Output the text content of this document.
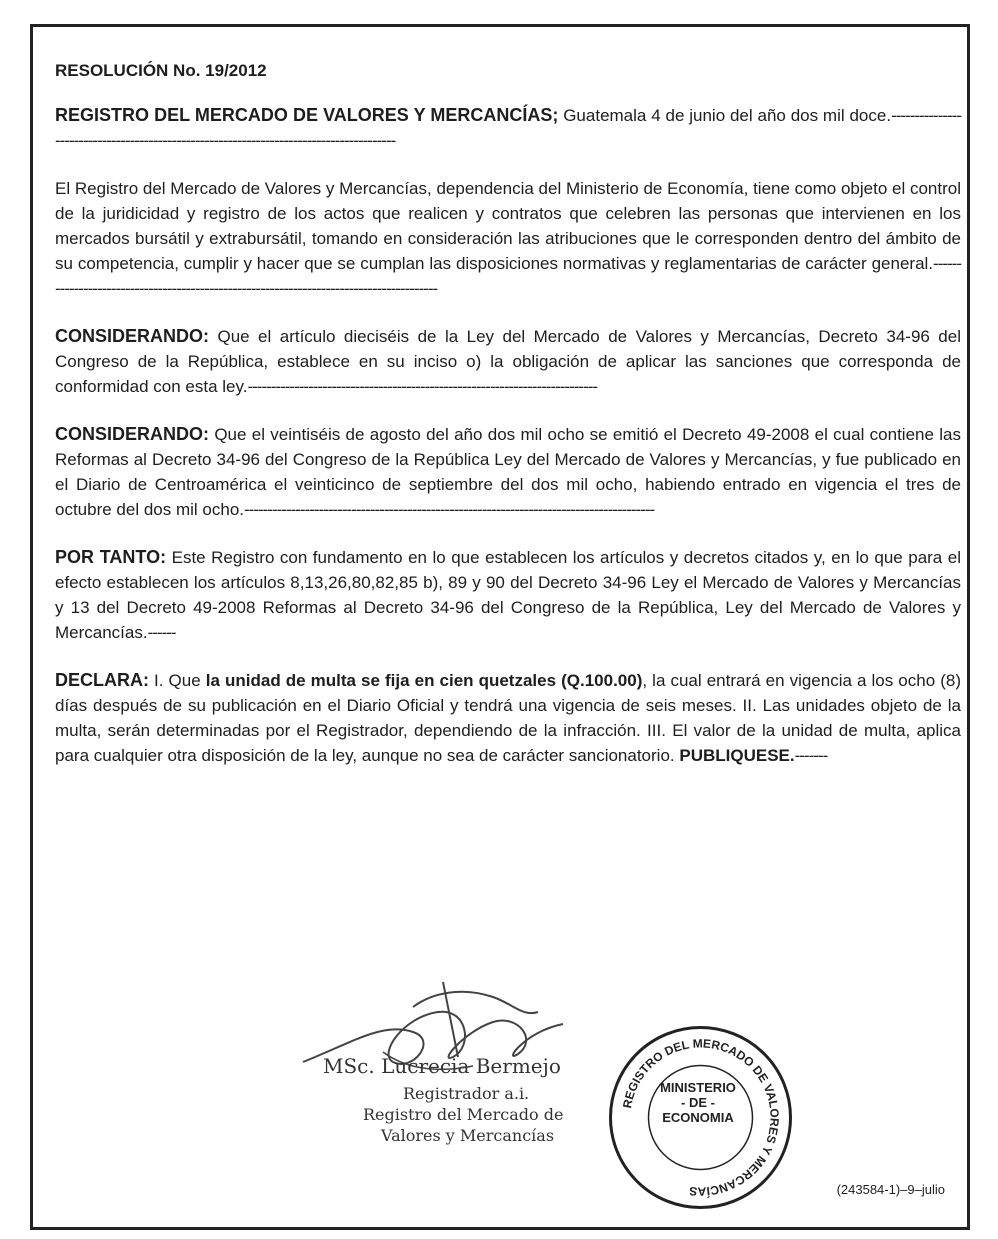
RESOLUCIÓN No. 19/2012

REGISTRO DEL MERCADO DE VALORES Y MERCANCÍAS; Guatemala 4 de junio del año dos mil doce.----------------------------------------------------------------------------------------

El Registro del Mercado de Valores y Mercancías, dependencia del Ministerio de Economía, tiene como objeto el control de la juridicidad y registro de los actos que realicen y contratos que celebren las personas que intervienen en los mercados bursátil y extrabursátil, tomando en consideración las atribuciones que le corresponden dentro del ámbito de su competencia, cumplir y hacer que se cumplan las disposiciones normativas y reglamentarias de carácter general.----------------------------------------------------------------------------------------

CONSIDERANDO: Que el artículo dieciséis de la Ley del Mercado de Valores y Mercancías, Decreto 34-96 del Congreso de la República, establece en su inciso o) la obligación de aplicar las sanciones que corresponda de conformidad con esta ley.---------------------------------------------------------------------------

CONSIDERANDO: Que el veintiséis de agosto del año dos mil ocho se emitió el Decreto 49-2008 el cual contiene las Reformas al Decreto 34-96 del Congreso de la República Ley del Mercado de Valores y Mercancías, y fue publicado en el Diario de Centroamérica el veinticinco de septiembre del dos mil ocho, habiendo entrado en vigencia el tres de octubre del dos mil ocho.----------------------------------------------------------------------------------------

POR TANTO: Este Registro con fundamento en lo que establecen los artículos y decretos citados y, en lo que para el efecto establecen los artículos 8,13,26,80,82,85 b), 89 y 90 del Decreto 34-96 Ley el Mercado de Valores y Mercancías y 13 del Decreto 49-2008 Reformas al Decreto 34-96 del Congreso de la República, Ley del Mercado de Valores y Mercancías.------

DECLARA: I. Que la unidad de multa se fija en cien quetzales (Q.100.00), la cual entrará en vigencia a los ocho (8) días después de su publicación en el Diario Oficial y tendrá una vigencia de seis meses. II. Las unidades objeto de la multa, serán determinadas por el Registrador, dependiendo de la infracción. III. El valor de la unidad de multa, aplica para cualquier otra disposición de la ley, aunque no sea de carácter sancionatorio. PUBLIQUESE.-------

MSc. Lucrecia Bermejo
Registrador a.i.
Registro del Mercado de
Valores y Mercancías
REGISTRO DEL MERCADO DE VALORES Y MERCANCÍAS
MINISTERIO
- DE -
ECONOMIA
(243584-1)–9–julio
